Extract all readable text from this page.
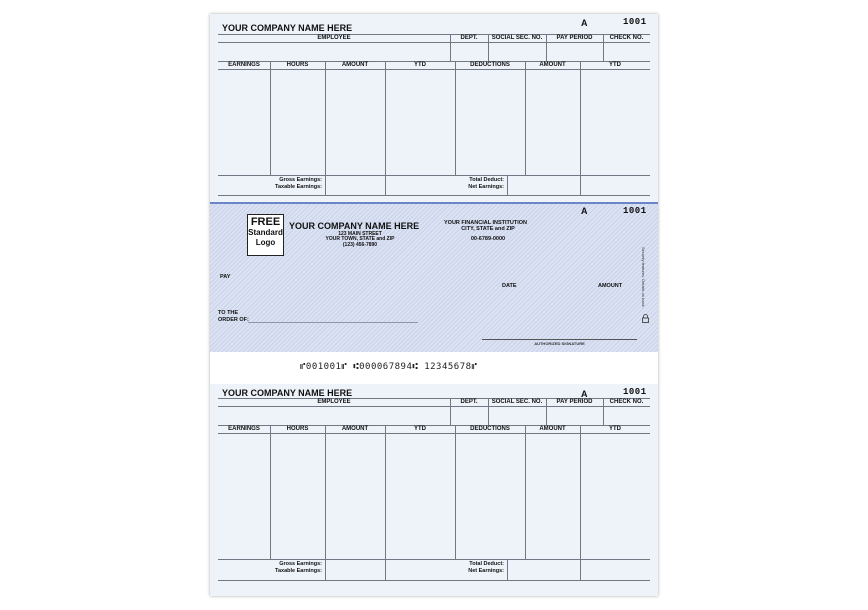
YOUR COMPANY NAME HERE	A	1001
EMPLOYEE	DEPT.	SOCIAL SEC. NO.	PAY PERIOD	CHECK NO.
EARNINGS	HOURS	AMOUNT	YTD	DEDUCTIONS	AMOUNT	YTD
Gross Earnings:
Taxable Earnings:
Total Deduct:
Net Earnings:
A	1001
FREE
Standard
Logo
YOUR COMPANY NAME HERE
123 MAIN STREET
YOUR TOWN, STATE and ZIP
(123) 456-7890
YOUR FINANCIAL INSTITUTION
CITY, STATE and ZIP
00-6789-0000
PAY
DATE	AMOUNT
TO THE
ORDER OF:
AUTHORIZED SIGNATURE
Security features. Details on back.
⑈001001⑈ ⑆000067894⑆ 12345678⑈
YOUR COMPANY NAME HERE	A	1001
EMPLOYEE	DEPT.	SOCIAL SEC. NO.	PAY PERIOD	CHECK NO.
EARNINGS	HOURS	AMOUNT	YTD	DEDUCTIONS	AMOUNT	YTD
Gross Earnings:
Taxable Earnings:
Total Deduct:
Net Earnings:
